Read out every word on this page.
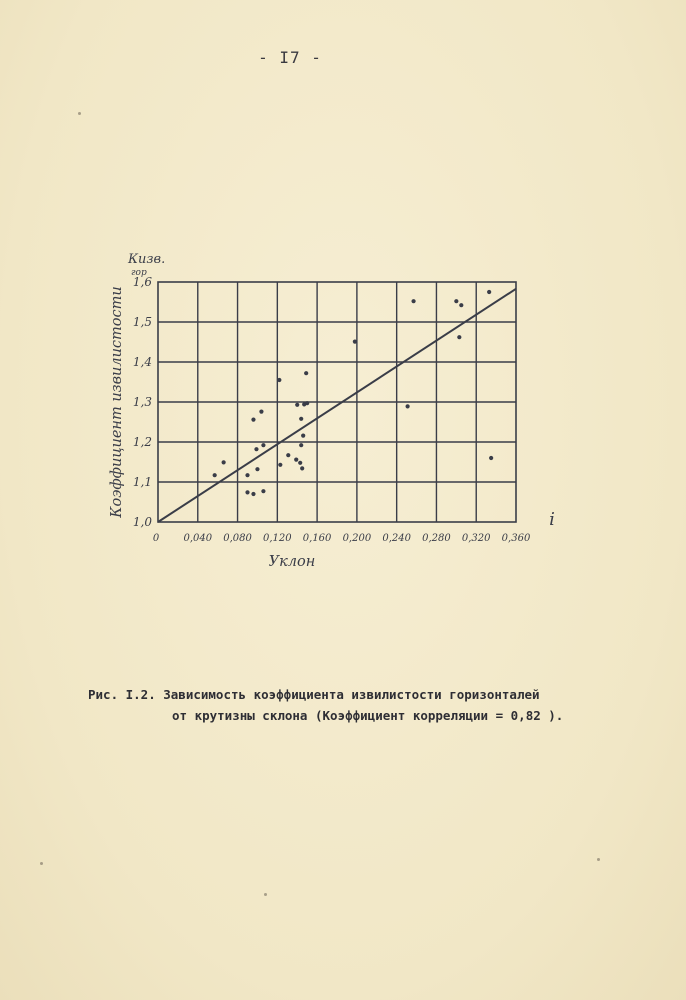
- I7 -
1,0
1,1
1,2
1,3
1,4
1,5
1,6
0,040 0,080 0,120 0,160 0,200 0,240 0,280 0,320 0,360
0
Коэффициент извилистости
Кизв.
гор
Уклон
i
Рис. I.2. Зависимость коэффициента извилистости горизонталей
от крутизны склона (Коэффициент корреляции = 0,82 ).
